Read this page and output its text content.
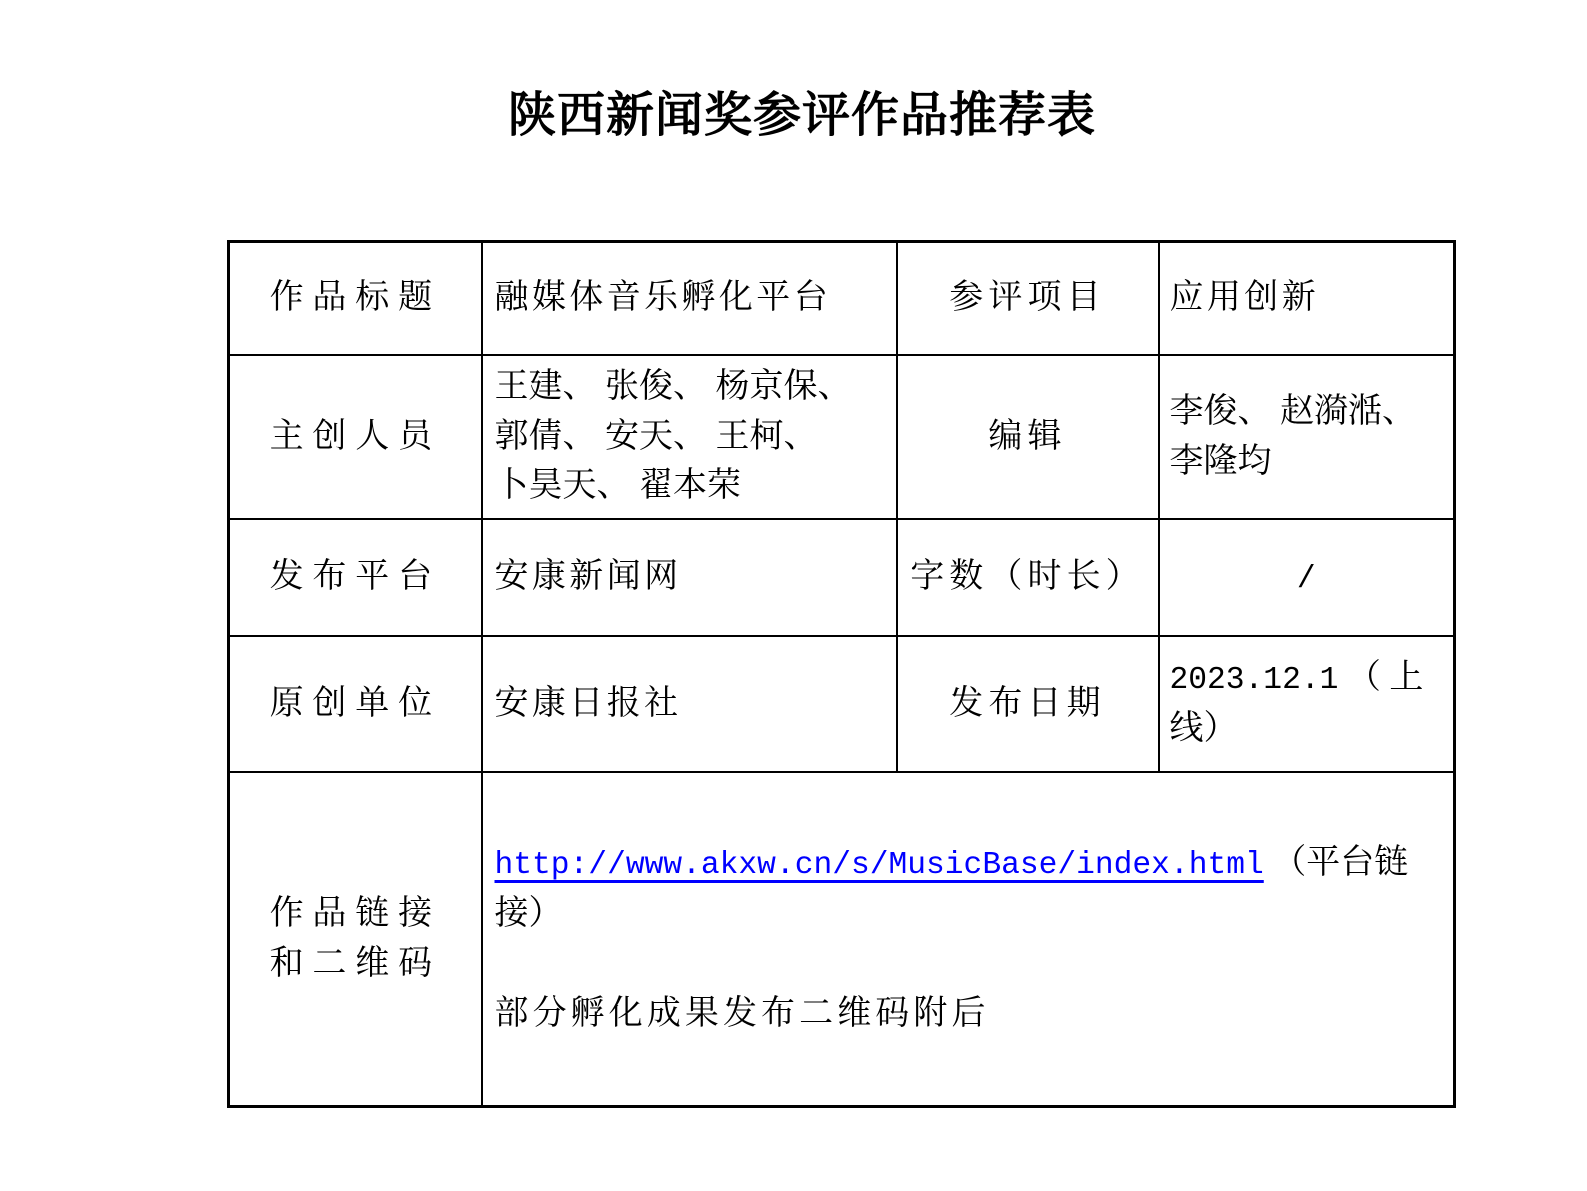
陕西新闻奖参评作品推荐表
作品标题	融媒体音乐孵化平台	参评项目	应用创新
主创人员	王建、 张俊、 杨京保、 郭倩、 安天、 王柯、 卜昊天、 翟本荣	编辑	李俊、 赵漪湉、 李隆均
发布平台	安康新闻网	字数（时长）	/
原创单位	安康日报社	发布日期	2023.12.1 （ 上线）
作品链接和二维码	http://www.akxw.cn/s/MusicBase/index.html （平台链接）

部分孵化成果发布二维码附后		
